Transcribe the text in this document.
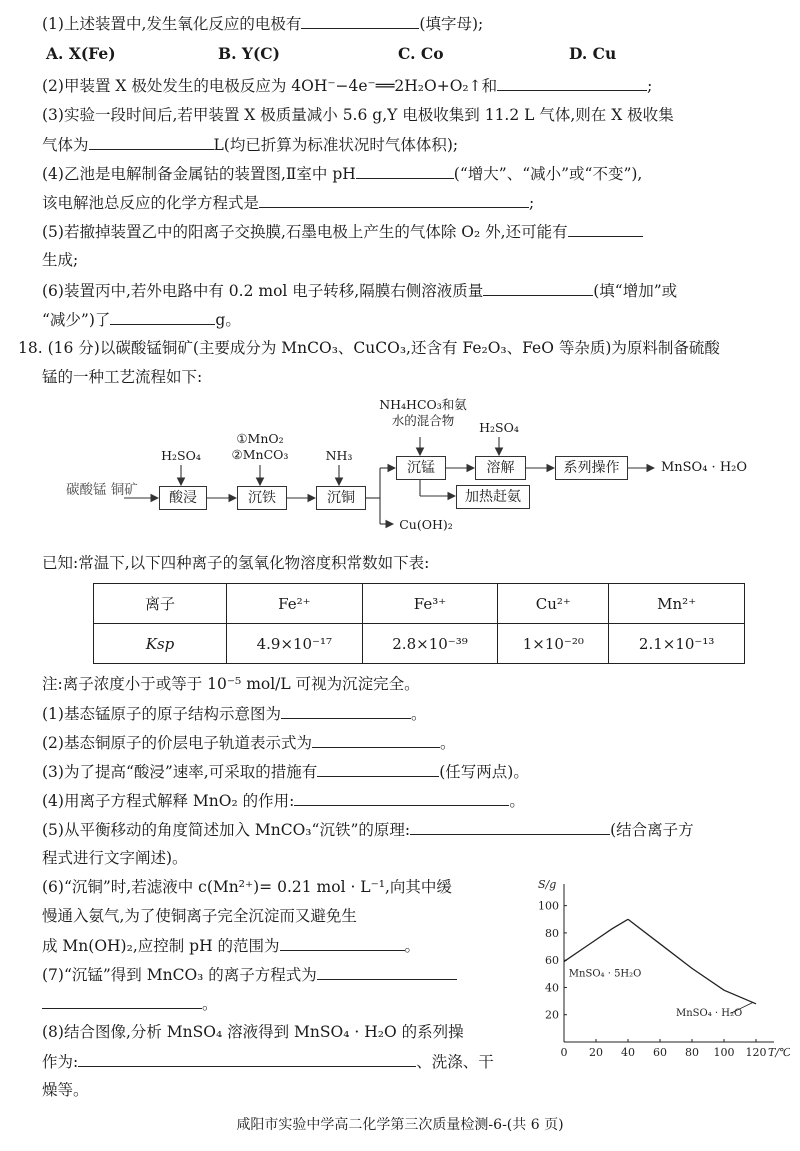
(1)上述装置中,发生氧化反应的电极有	(填字母);
A. X(Fe)	B. Y(C)	C. Co	D. Cu
(2)甲装置 X 极处发生的电极反应为 4OH⁻−4e⁻══2H₂O+O₂↑和	;
(3)实验一段时间后,若甲装置 X 极质量减小 5.6 g,Y 电极收集到 11.2 L 气体,则在 X 极收集
气体为	L(均已折算为标准状况时气体体积);
(4)乙池是电解制备金属钴的装置图,Ⅱ室中 pH	(“增大”、“减小”或“不变”),
该电解池总反应的化学方程式是	;
(5)若撤掉装置乙中的阳离子交换膜,石墨电极上产生的气体除 O₂ 外,还可能有
生成;
(6)装置丙中,若外电路中有 0.2 mol 电子转移,隔膜右侧溶液质量	(填“增加”或
“减少”)了	g。
18. (16 分)以碳酸锰铜矿(主要成分为 MnCO₃、CuCO₃,还含有 Fe₂O₃、FeO 等杂质)为原料制备硫酸
锰的一种工艺流程如下:
碳酸锰 铜矿
H₂SO₄
酸浸
①MnO₂
②MnCO₃
沉铁
NH₃
沉铜
Cu(OH)₂
NH₄HCO₃和氨
水的混合物
沉锰
加热赶氨
H₂SO₄
溶解	系列操作	MnSO₄ · H₂O
已知:常温下,以下四种离子的氢氧化物溶度积常数如下表:
离子	Fe²⁺	Fe³⁺	Cu²⁺	Mn²⁺
Ksp	4.9×10⁻¹⁷	2.8×10⁻³⁹	1×10⁻²⁰	2.1×10⁻¹³
注:离子浓度小于或等于 10⁻⁵ mol/L 可视为沉淀完全。
(1)基态锰原子的原子结构示意图为	。
(2)基态铜原子的价层电子轨道表示式为	。
(3)为了提高“酸浸”速率,可采取的措施有	(任写两点)。
(4)用离子方程式解释 MnO₂ 的作用:	。
(5)从平衡移动的角度简述加入 MnCO₃“沉铁”的原理:	(结合离子方
程式进行文字阐述)。
(6)“沉铜”时,若滤液中 c(Mn²⁺)= 0.21 mol · L⁻¹,向其中缓
慢通入氨气,为了使铜离子完全沉淀而又避免生
成 Mn(OH)₂,应控制 pH 的范围为	。
(7)“沉锰”得到 MnCO₃ 的离子方程式为
。
(8)结合图像,分析 MnSO₄ 溶液得到 MnSO₄ · H₂O 的系列操
作为:	、洗涤、干
燥等。
0 20 40 60 80 100 120
20
40
60
80
100
S/g
T/℃
MnSO₄ · 5H₂O
MnSO₄ · H₂O
咸阳市实验中学高二化学第三次质量检测-6-(共 6 页)
